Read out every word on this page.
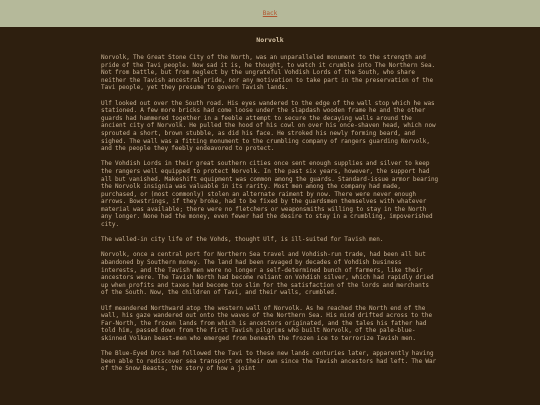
Back
Norvolk

Norvolk, The Great Stone City of the North, was an unparalleled monument to the strength and pride of the Tavi people. Now sad it is, he thought, to watch it crumble into The Northern Sea. Not from battle, but from neglect by the ungrateful Vohdish Lords of the South, who share neither the Tavish ancestral pride, nor any motivation to take part in the preservation of the Tavi people, yet they presume to govern Tavish lands.

Ulf looked out over the South road. His eyes wandered to the edge of the wall stop which he was stationed. A few more bricks had come loose under the slapdash wooden frame he and the other guards had hammered together in a feeble attempt to secure the decaying walls around the ancient city of Norvolk. He pulled the hood of his cowl on over his once-shaven head, which now sprouted a short, brown stubble, as did his face. He stroked his newly forming beard, and sighed. The wall was a fitting monument to the crumbling company of rangers guarding Norvolk, and the people they feebly endeavored to protect.

The Vohdish Lords in their great southern cities once sent enough supplies and silver to keep the rangers well equipped to protect Norvolk. In the past six years, however, the support had all but vanished. Makeshift equipment was common among the guards. Standard-issue armor bearing the Norvolk insignia was valuable in its rarity. Most men among the company had made, purchased, or (most commonly) stolen an alternate raiment by now. There were never enough arrows. Bowstrings, if they broke, had to be fixed by the guardsmen themselves with whatever material was available; there were no fletchers or weaponsmiths willing to stay in the North any longer. None had the money, even fewer had the desire to stay in a crumbling, impoverished city.

The walled-in city life of the Vohds, thought Ulf, is ill-suited for Tavish men.

Norvolk, once a central port for Northern Sea travel and Vohdish-run trade, had been all but abandoned by Southern money. The land had been ravaged by decades of Vohdish business interests, and the Tavish men were no longer a self-determined bunch of farmers, like their ancestors were. The Tavish North had become reliant on Vohdish silver, which had rapidly dried up when profits and taxes had become too slim for the satisfaction of the lords and merchants of the South. Now, the children of Tavi, and their walls, crumbled.

Ulf meandered Northward atop the western wall of Norvolk. As he reached the North end of the wall, his gaze wandered out onto the waves of the Northern Sea. His mind drifted across to the Far-North, the frozen lands from which is ancestors originated, and the tales his father had told him, passed down from the first Tavish pilgrims who built Norvolk, of the pale-blue-skinned Volkan beast-men who emerged from beneath the frozen ice to terrorize Tavish men.

The Blue-Eyed Orcs had followed the Tavi to these new lands centuries later, apparently having been able to rediscover sea transport on their own since the Tavish ancestors had left. The War of the Snow Beasts, the story of how a joint
